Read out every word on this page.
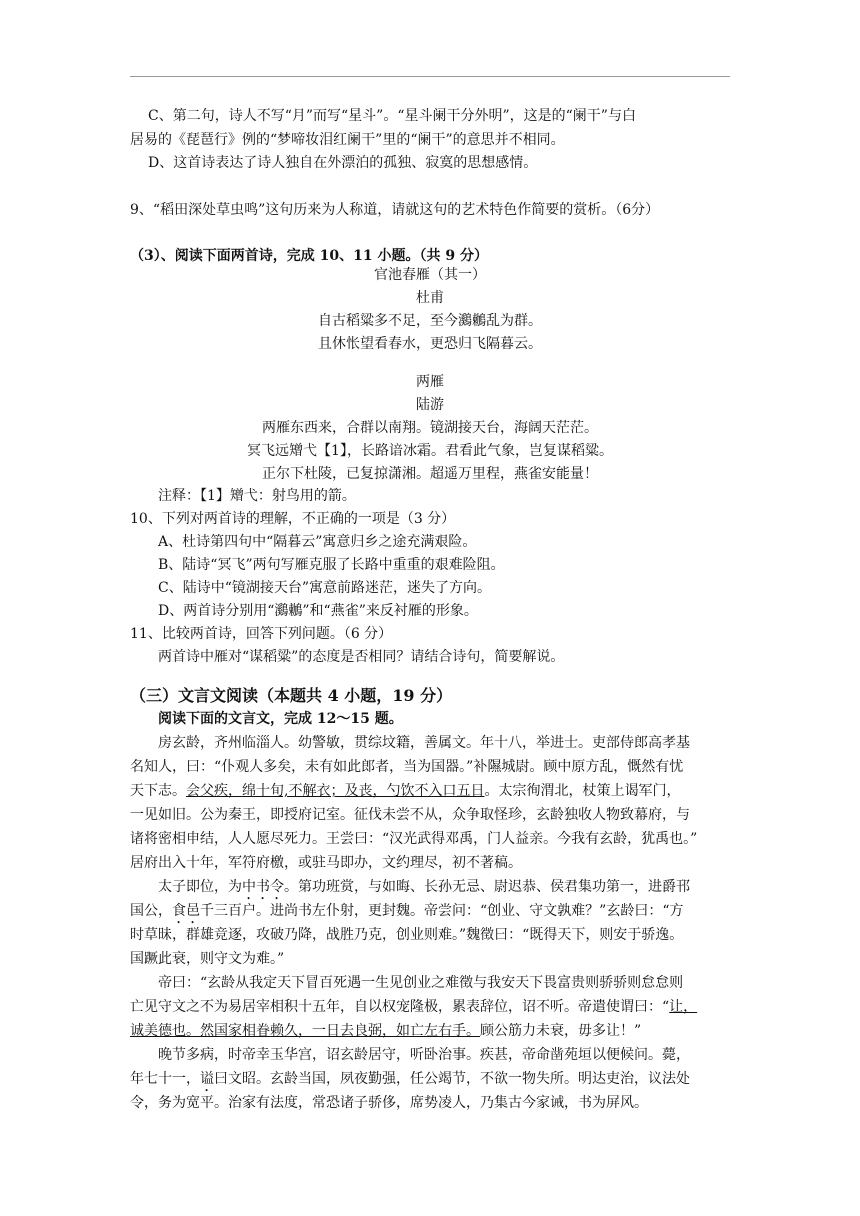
C、第二句，诗人不写“月”而写“星斗”。“星斗阑干分外明”，这是的“阑干”与白
居易的《琵琶行》例的“梦啼妆泪红阑干”里的“阑干”的意思并不相同。
D、这首诗表达了诗人独自在外漂泊的孤独、寂寞的思想感情。
9、“稻田深处草虫鸣”这句历来为人称道，请就这句的艺术特色作简要的赏析。（6分）
（3）、阅读下面两首诗，完成 10、11 小题。（共 9 分）
官池春雁（其一）
杜甫
自古稻粱多不足，至今鸂鶒乱为群。
且休怅望看春水，更恐归飞隔暮云。
两雁
陆游
两雁东西来，合群以南翔。镜湖接天台，海阔天茫茫。
冥飞远矰弋【1】，长路谙冰霜。君看此气象，岂复谋稻粱。
正尔下杜陵，已复掠潇湘。超遥万里程，燕雀安能量！
注释：【1】矰弋：射鸟用的箭。
10、下列对两首诗的理解，不正确的一项是（3 分）
A、杜诗第四句中“隔暮云”寓意归乡之途充满艰险。
B、陆诗“冥飞”两句写雁克服了长路中重重的艰难险阻。
C、陆诗中“镜湖接天台”寓意前路迷茫，迷失了方向。
D、两首诗分别用“鸂鶒”和“燕雀”来反衬雁的形象。
11、比较两首诗，回答下列问题。（6 分）
两首诗中雁对“谋稻粱”的态度是否相同？请结合诗句，简要解说。
（三）文言文阅读（本题共 4 小题，19 分）
阅读下面的文言文，完成 12～15 题。
房玄龄，齐州临淄人。幼警敏，贯综坟籍，善属文。年十八，举进士。吏部侍郎高孝基
名知人，曰：“仆观人多矣，未有如此郎者，当为国器。”补隰城尉。顾中原方乱，慨然有忧
天下志。会父疾，绵十旬,不解衣；及丧，勺饮不入口五日。太宗徇渭北，杖策上谒军门，
一见如旧。公为秦王，即授府记室。征伐未尝不从，众争取怪珍，玄龄独收人物致幕府，与
诸将密相申结，人人愿尽死力。王尝曰：“汉光武得邓禹，门人益亲。今我有玄龄，犹禹也。”
居府出入十年，军符府檄，或驻马即办，文约理尽，初不著稿。
太子即位，为中书令。第功班赏，与如晦、长孙无忌、尉迟恭、侯君集功第一，进爵邗
国公，食邑千三百户。进尚书左仆射，更封魏。帝尝问：“创业、守文孰难？”玄龄曰：“方
时草昧，群雄竞逐，攻破乃降，战胜乃克，创业则难。”魏徵曰：“既得天下，则安于骄逸。
国蹶此衰，则守文为难。”
帝曰：“玄龄从我定天下冒百死遇一生见创业之难徵与我安天下畏富贵则骄骄则怠怠则
亡见守文之不为易居宰相积十五年，自以权宠隆极，累表辞位，诏不听。帝遣使谓曰：“让，
诚美德也。然国家相眷赖久，一日去良弼，如亡左右手。顾公筋力未衰，毋多让！”
晚节多病，时帝幸玉华宫，诏玄龄居守，听卧治事。疾甚，帝命凿苑垣以便候问。薨，
年七十一，谥曰文昭。玄龄当国，夙夜勤强，任公竭节，不欲一物失所。明达吏治，议法处
令，务为宽平。治家有法度，常恐诸子骄侈，席势凌人，乃集古今家诫，书为屏风。
